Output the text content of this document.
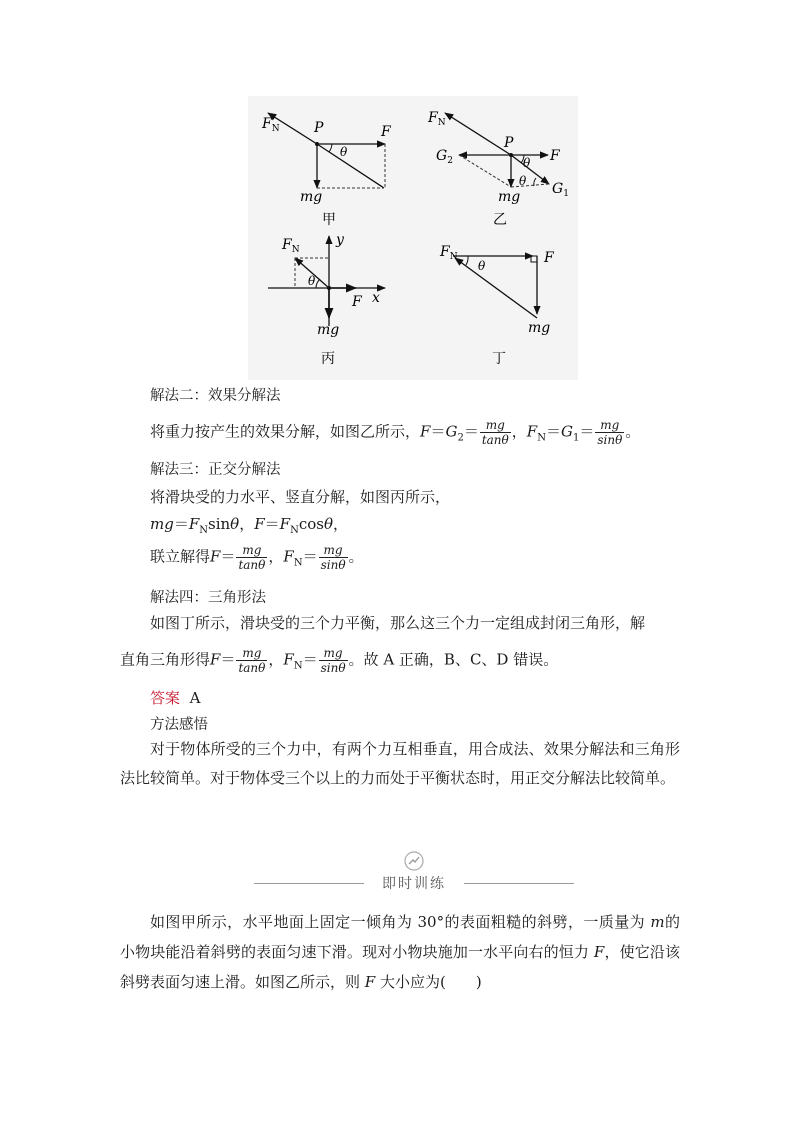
$F_N$ P	F
θ
mg
甲
$F_N$
P
F
$G_2$	θ
θ $G_1$
mg
乙
$F_N$
y
θ
F x
mg
丙
$F_N$	F
θ
mg
丁
解法二：效果分解法
将重力按产生的效果分解，如图乙所示，$F=G_2= \frac{mg}{\tan\theta}$ ，$F_N=G_1= \frac{mg}{\sin\theta}$ 。
解法三：正交分解法
将滑块受的力水平、竖直分解，如图丙所示，
$mg=F_N\sin\theta$，$F=F_N\cos\theta$，
联立解得$F= \frac{mg}{\tan\theta}$ ，$F_N= \frac{mg}{\sin\theta}$ 。
解法四：三角形法
如图丁所示，滑块受的三个力平衡，那么这三个力一定组成封闭三角形，解
直角三角形得$F= \frac{mg}{\tan\theta}$ ，$F_N= \frac{mg}{\sin\theta}$ 。故 A 正确，B、C、D 错误。
答案 A
方法感悟
对于物体所受的三个力中，有两个力互相垂直，用合成法、效果分解法和三角形法比较简单。对于物体受三个以上的力而处于平衡状态时，用正交分解法比较简单。
即时训练
如图甲所示，水平地面上固定一倾角为 30°的表面粗糙的斜劈，一质量为 m的小物块能沿着斜劈的表面匀速下滑。现对小物块施加一水平向右的恒力 F，使它沿该斜劈表面匀速上滑。如图乙所示，则 F 大小应为(　　)
